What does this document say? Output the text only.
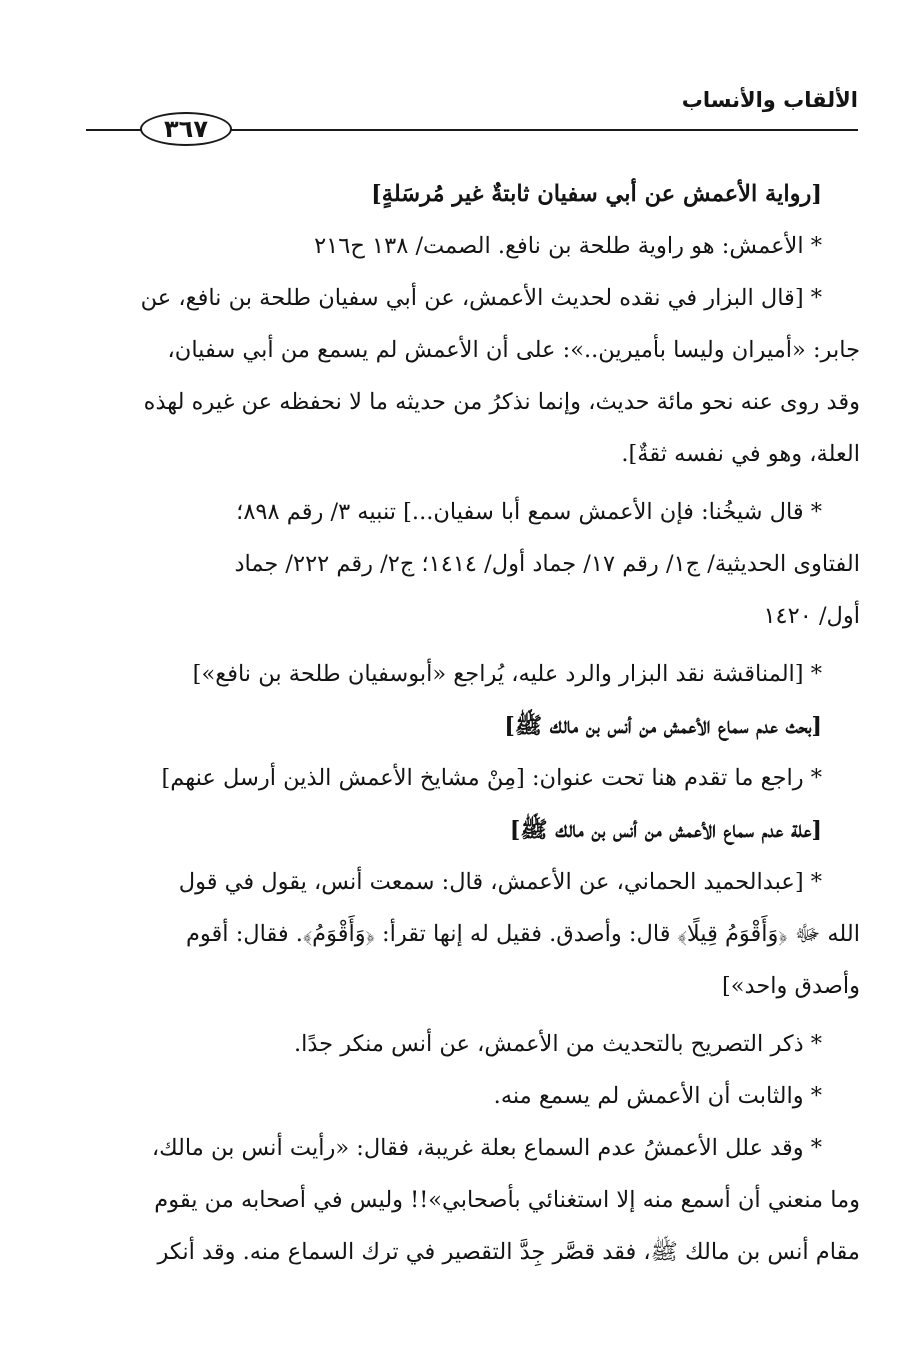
الألقاب والأنساب
٣٦٧
[رواية الأعمش عن أبي سفيان ثابتةٌ غير مُرسَلةٍ]
* الأعمش: هو راوية طلحة بن نافع. الصمت/ ١٣٨ ح٢١٦
* [قال البزار في نقده لحديث الأعمش، عن أبي سفيان طلحة بن نافع، عن
جابر: «أميران وليسا بأميرين..»: على أن الأعمش لم يسمع من أبي سفيان،
وقد روى عنه نحو مائة حديث، وإنما نذكرُ من حديثه ما لا نحفظه عن غيره لهذه
العلة، وهو في نفسه ثقةٌ].
* قال شيخُنا: فإن الأعمش سمع أبا سفيان...] تنبيه ٣/ رقم ٨٩٨؛
الفتاوى الحديثية/ ج١/ رقم ١٧/ جماد أول/ ١٤١٤؛ ج٢/ رقم ٢٢٢/ جماد
أول/ ١٤٢٠
* [المناقشة نقد البزار والرد عليه، يُراجع «أبوسفيان طلحة بن نافع»]
[بحث عدم سماع الأعمش من أنس بن مالك ﷺ]
* راجع ما تقدم هنا تحت عنوان: [مِنْ مشايخ الأعمش الذين أرسل عنهم]
[علة عدم سماع الأعمش من أنس بن مالك ﷺ]
* [عبدالحميد الحماني، عن الأعمش، قال: سمعت أنس، يقول في قول
الله ﷻ ﴿وَأَقْوَمُ قِيلًا﴾ قال: وأصدق. فقيل له إنها تقرأ: ﴿وَأَقْوَمُ﴾. فقال: أقوم
وأصدق واحد»]
* ذكر التصريح بالتحديث من الأعمش، عن أنس منكر جدًا.
* والثابت أن الأعمش لم يسمع منه.
* وقد علل الأعمشُ عدم السماع بعلة غريبة، فقال: «رأيت أنس بن مالك،
وما منعني أن أسمع منه إلا استغنائي بأصحابي»!! وليس في أصحابه من يقوم
مقام أنس بن مالك ﷺ، فقد قصَّر جِدَّ التقصير في ترك السماع منه. وقد أنكر
